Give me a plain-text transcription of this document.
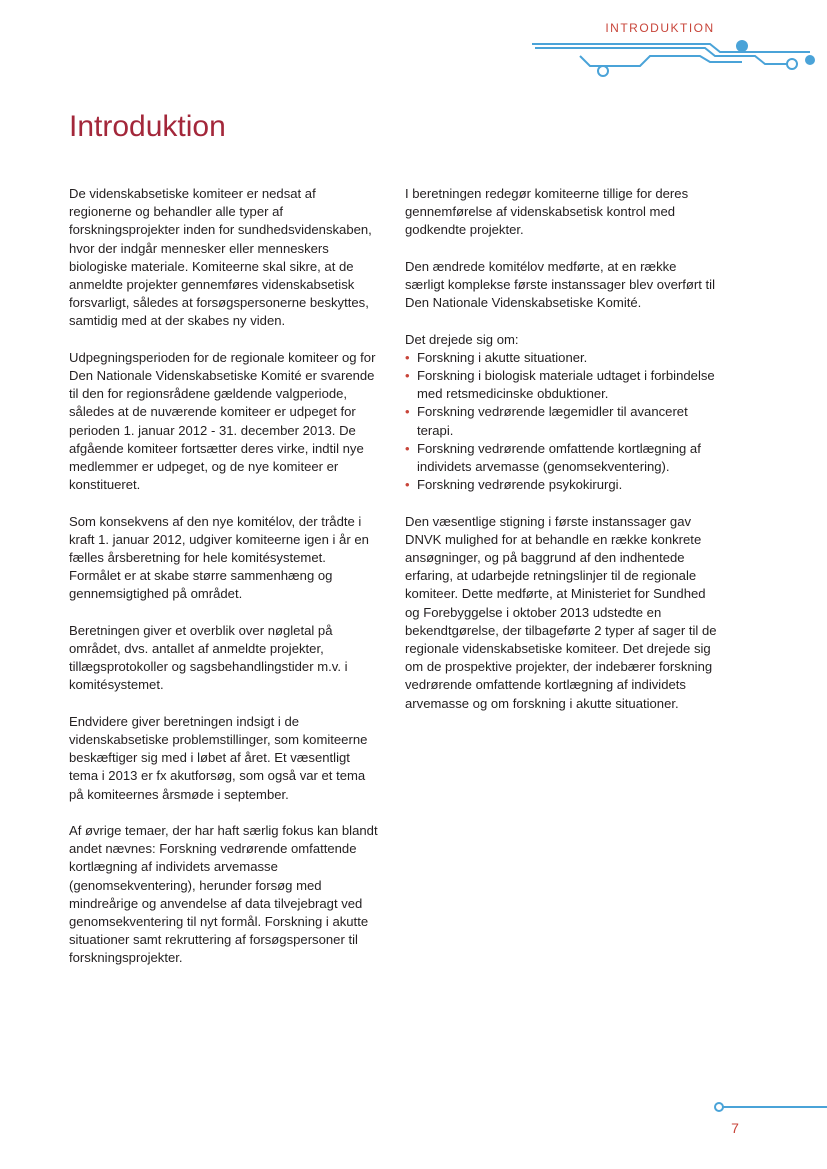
INTRODUKTION
Introduktion

De videnskabsetiske komiteer er nedsat af regionerne og behandler alle typer af forskningsprojekter inden for sundhedsvidenskaben, hvor der indgår mennesker eller menneskers biologiske materiale. Komiteerne skal sikre, at de anmeldte projekter gennemføres videnskabsetisk forsvarligt, således at forsøgspersonerne beskyttes, samtidig med at der skabes ny viden.

Udpegningsperioden for de regionale komiteer og for Den Nationale Videnskabsetiske Komité er svarende til den for regionsrådene gældende valgperiode, således at de nuværende komiteer er udpeget for perioden 1. januar 2012 - 31. december 2013. De afgående komiteer fortsætter deres virke, indtil nye medlemmer er udpeget, og de nye komiteer er konstitueret.

Som konsekvens af den nye komitélov, der trådte i kraft 1. januar 2012, udgiver komiteerne igen i år en fælles årsberetning for hele komitésystemet. Formålet er at skabe større sammenhæng og gennemsigtighed på området.

Beretningen giver et overblik over nøgletal på området, dvs. antallet af anmeldte projekter, tillægsprotokoller og sagsbehandlingstider m.v. i komitésystemet.

Endvidere giver beretningen indsigt i de videnskabsetiske problemstillinger, som komiteerne beskæftiger sig med i løbet af året. Et væsentligt tema i 2013 er fx akutforsøg, som også var et tema på komiteernes årsmøde i september.

Af øvrige temaer, der har haft særlig fokus kan blandt andet nævnes: Forskning vedrørende omfattende kortlægning af individets arvemasse (genomsekventering), herunder forsøg med mindreårige og anvendelse af data tilvejebragt ved genomsekventering til nyt formål. Forskning i akutte situationer samt rekruttering af forsøgspersoner til forskningsprojekter.

I beretningen redegør komiteerne tillige for deres gennemførelse af videnskabsetisk kontrol med godkendte projekter.

Den ændrede komitélov medførte, at en række særligt komplekse første instanssager blev overført til Den Nationale Videnskabsetiske Komité.

Det drejede sig om:
• Forskning i akutte situationer.
• Forskning i biologisk materiale udtaget i forbindelse med retsmedicinske obduktioner.
• Forskning vedrørende lægemidler til avanceret terapi.
• Forskning vedrørende omfattende kortlægning af individets arvemasse (genomsekventering).
• Forskning vedrørende psykokirurgi.

Den væsentlige stigning i første instanssager gav DNVK mulighed for at behandle en række konkrete ansøgninger, og på baggrund af den indhentede erfaring, at udarbejde retningslinjer til de regionale komiteer. Dette medførte, at Ministeriet for Sundhed og Forebyggelse i oktober 2013 udstedte en bekendtgørelse, der tilbageførte 2 typer af sager til de regionale videnskabsetiske komiteer. Det drejede sig om de prospektive projekter, der indebærer forskning vedrørende omfattende kortlægning af individets arvemasse og om forskning i akutte situationer.

7
